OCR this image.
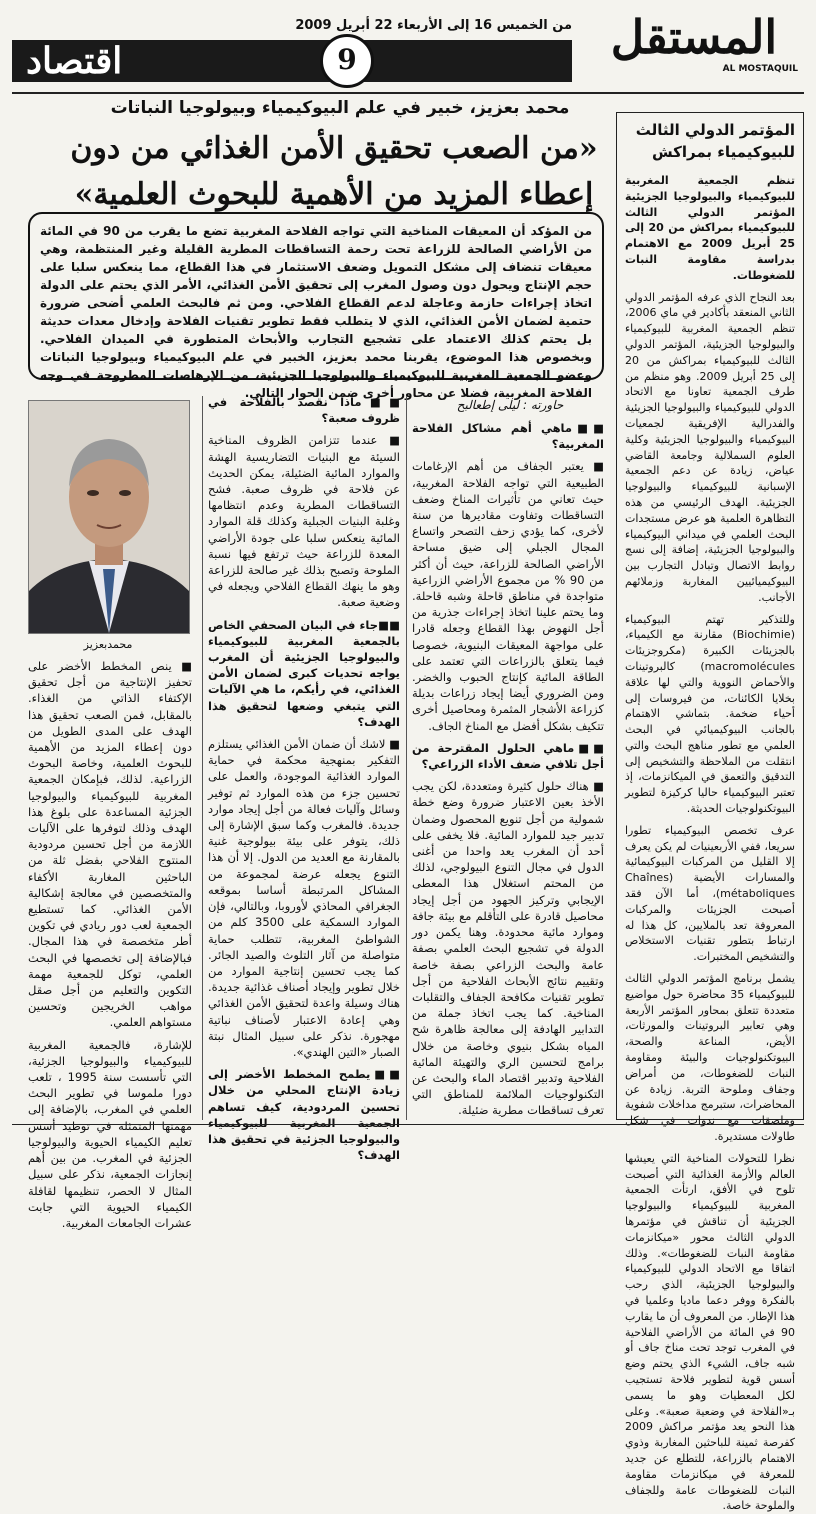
اقتصاد
من الخميس 16 إلى الأربعاء 22 أبريل 2009 المستقل
AL MOSTAQUIL
9
محمد بعزيز، خبير في علم البيوكيمياء وبيولوجيا النباتات
«من الصعب تحقيق الأمن الغذائي من دون
إعطاء المزيد من الأهمية للبحوث العلمية»
من المؤكد أن المعيقات المناخية التي تواجه الفلاحة المغربية تضع ما يقرب من 90 في المائة من الأراضي الصالحة للزراعة تحت رحمة التساقطات المطرية القليلة وغير المنتظمة، وهي معيقات تنضاف إلى مشكل التمويل وضعف الاستثمار في هذا القطاع، مما ينعكس سلبا على حجم الإنتاج ويحول دون وصول المغرب إلى تحقيق الأمن الغذائي، الأمر الذي يحتم على الدولة اتخاذ إجراءات حازمة وعاجلة لدعم القطاع الفلاحي. ومن ثم فالبحث العلمي أضحى ضرورة حتمية لضمان الأمن الغذائي، الذي لا يتطلب فقط تطوير تقنيات الفلاحة وإدخال معدات حديثة بل يحتم كذلك الاعتماد على تشجيع التجارب والأبحاث المتطورة في الميدان الفلاحي. وبخصوص هذا الموضوع، يقربنا محمد بعزيز، الخبير في علم البيوكيمياء وبيولوجيا النباتات وعضو الجمعية المغربية للبيوكيمياء والبيولوجيا الجزيئية، من الإرهاصات المطروحة في وجه الفلاحة المغربية، فضلا عن محاور أخرى ضمن الحوار التالي.
المؤتمر الدولي الثالث للبيوكيمياء بمراكش

تنظم الجمعية المغربية للبيوكيمياء والبيولوجيا الجزيئية المؤتمر الدولي الثالث للبيوكيمياء بمراكش من 20 إلى 25 أبريل 2009 مع الاهتمام بدراسة مقاومة النبات للضغوطات.

بعد النجاح الذي عرفه المؤتمر الدولي الثاني المنعقد بأكادير في ماي 2006، تنظم الجمعية المغربية للبيوكيمياء والبيولوجيا الجزيئية، المؤتمر الدولي الثالث للبيوكيمياء بمراكش من 20 إلى 25 أبريل 2009. وهو منظم من طرف الجمعية تعاونا مع الاتحاد الدولي للبيوكيمياء والبيولوجيا الجزيئية والفدرالية الإفريقية لجمعيات البيوكيمياء والبيولوجيا الجزيئية وكلية العلوم السملالية وجامعة القاضي عياض، زيادة عن دعم الجمعية الإسبانية للبيوكيمياء والبيولوجيا الجزيئية. الهدف الرئيسي من هذه التظاهرة العلمية هو عرض مستجدات البحث العلمي في ميداني البيوكيمياء والبيولوجيا الجزيئية، إضافة إلى نسج روابط الاتصال وتبادل التجارب بين البيوكيميائيين المغاربة وزملائهم الأجانب.

وللتذكير تهتم البيوكيمياء (Biochimie) مقارنة مع الكيمياء، بالجزيئات الكبيرة (مكروجزيئات macromolécules) كالبروتينات والأحماض النووية والتي لها علاقة بخلايا الكائنات، من فيروسات إلى أحياء ضخمة. بتماشي الاهتمام بالجانب البيوكيميائي في البحث العلمي مع تطور مناهج البحث والتي انتقلت من الملاحظة والتشخيص إلى التدقيق والتعمق في الميكانزمات، إذ تعتبر البيوكيمياء حاليا كركيزة لتطوير البيوتكنولوجيات الحديثة.

عرف تخصص البيوكيمياء تطورا سريعا، ففي الأربعينيات لم يكن يعرف إلا القليل من المركبات البيوكيمائية والمسارات الأيضية (Chaînes métaboliques)، أما الآن فقد أصبحت الجزيئات والمركبات المعروفة تعد بالملايين، كل هذا له ارتباط بتطور تقنيات الاستخلاص والتشخيص المختبرات.

يشمل برنامج المؤتمر الدولي الثالث للبيوكيمياء 35 محاضرة حول مواضيع متعددة تتعلق بمحاور المؤتمر الأربعة وهي تعابير البروتينات والمورثات، الأيض، المناعة والصحة، البيوتكنولوجيات والبيئة ومقاومة النبات للضغوطات، من أمراض وجفاف وملوحة التربة. زيادة عن المحاضرات، ستبرمج مداخلات شفوية وملصقات مع ندوات في شكل طاولات مستديرة.

نظرا للتحولات المناخية التي يعيشها العالم والأزمة الغذائية التي أصبحت تلوح في الأفق، ارتأت الجمعية المغربية للبيوكيمياء والبيولوجيا الجزيئية أن تناقش في مؤتمرها الدولي الثالث محور «ميكانزمات مقاومة النبات للضغوطات». وذلك اتفاقا مع الاتحاد الدولي للبيوكيمياء والبيولوجيا الجزيئية، الذي رحب بالفكرة ووفر دعما ماديا وعلميا في هذا الإطار. من المعروف أن ما يقارب 90 في المائة من الأراضي الفلاحية في المغرب توجد تحت مناخ جاف أو شبه جاف، الشيء الذي يحتم وضع أسس قوية لتطوير فلاحة تستجيب لكل المعطيات وهو ما يسمى بـ«الفلاحة في وضعية صعبة». وعلى هذا النحو يعد مؤتمر مراكش 2009 كفرصة ثمينة للباحثين المغاربة وذوي الاهتمام بالزراعة، للتطلع عن جديد للمعرفة في ميكانزمات مقاومة النبات للضغوطات عامة وللجفاف والملوحة خاصة.

حاورته : ليلى إطعالبح

■■ماهي أهم مشاكل الفلاحة المغربية؟

■ يعتبر الجفاف من أهم الإرغامات الطبيعية التي تواجه الفلاحة المغربية، حيث تعاني من تأثيرات المناخ وضعف التساقطات وتفاوت مقاديرها من سنة لأخرى، كما يؤدي زحف التصحر واتساع المجال الجبلي إلى ضيق مساحة الأراضي الصالحة للزراعة، حيث أن أكثر من 90 % من مجموع الأراضي الزراعية متواجدة في مناطق قاحلة وشبه قاحلة. وما يحتم علينا اتخاذ إجراءات جذرية من أجل النهوض بهذا القطاع وجعله قادرا على مواجهة المعيقات البنيوية، خصوصا فيما يتعلق بالزراعات التي تعتمد على الطاقة المائية كإنتاج الحبوب والخضر. ومن الضروري أيضا إيجاد زراعات بديلة كزراعة الأشجار المثمرة ومحاصيل أخرى تتكيف بشكل أفضل مع المناخ الجاف.

■■ماهي الحلول المقترحة من أجل تلافي ضعف الأداء الزراعي؟

■ هناك حلول كثيرة ومتعددة، لكن يجب الأخذ بعين الاعتبار ضرورة وضع خطة شمولية من أجل تنويع المحصول وضمان تدبير جيد للموارد المائية. فلا يخفى على أحد أن المغرب يعد واحدا من أغنى الدول في مجال التنوع البيولوجي، لذلك من المحتم استغلال هذا المعطى الإيجابي وتركيز الجهود من أجل إيجاد محاصيل قادرة على التأقلم مع بيئة جافة وموارد مائية محدودة. وهنا يكمن دور الدولة في تشجيع البحث العلمي بصفة عامة والبحث الزراعي بصفة خاصة وتقييم نتائج الأبحاث الفلاحية من أجل تطوير تقنيات مكافحة الجفاف والتقلبات المناخية. كما يجب اتخاذ جملة من التدابير الهادفة إلى معالجة ظاهرة شح المياه بشكل بنيوي وخاصة من خلال برامج لتحسين الري والتهيئة المائية الفلاحية وتدبير اقتصاد الماء والبحث عن التكنولوجيات الملائمة للمناطق التي تعرف تساقطات مطرية ضئيلة.

■■ماذا نقصد بالفلاحة في ظروف صعبة؟

■ عندما تتزامن الظروف المناخية السيئة مع البنيات التضاريسية الهشة والموارد المائية الضئيلة، يمكن الحديث عن فلاحة في ظروف صعبة. فشح التساقطات المطرية وعدم انتظامها وغلبة البنيات الجبلية وكذلك قلة الموارد المائية ينعكس سلبا على جودة الأراضي المعدة للزراعة حيث ترتفع فيها نسبة الملوحة وتصبح بذلك غير صالحة للزراعة وهو ما ينهك القطاع الفلاحي ويجعله في وضعية صعبة.

■■جاء في البيان الصحفي الخاص بالجمعية المغربية للبيوكيمياء والبيولوجيا الجزيئية أن المغرب يواجه تحديات كبرى لضمان الأمن الغذائي، في رأيكم، ما هي الآليات التي يتبغي وضعها لتحقيق هذا الهدف؟

■ لاشك أن ضمان الأمن الغذائي يستلزم التفكير بمنهجية محكمة في حماية الموارد الغذائية الموجودة، والعمل على تحسين جزء من هذه الموارد ثم توفير وسائل وآليات فعالة من أجل إيجاد موارد جديدة. فالمغرب وكما سبق الإشارة إلى ذلك، يتوفر على بيئة بيولوجية غنية بالمقارنة مع العديد من الدول. إلا أن هذا التنوع يجعله عرضة لمجموعة من المشاكل المرتبطة أساسا بموقعه الجغرافي المحاذي لأوروبا، وبالتالي، فإن الموارد السمكية على 3500 كلم من الشواطئ المغربية، تتطلب حماية متواصلة من آثار التلوث والصيد الجائر. كما يجب تحسين إنتاجية الموارد من خلال تطوير وإيجاد أصناف غذائية جديدة. هناك وسيلة واعدة لتحقيق الأمن الغذائي وهي إعادة الاعتبار لأصناف نباتية مهجورة. نذكر على سبيل المثال نبتة الصبار «التين الهندي».

■■يطمح المخطط الأخضر إلى زيادة الإنتاج المحلي من خلال تحسين المردودية، كيف تساهم الجمعية المغربية للبيوكيمياء والبيولوجيا الجزئية في تحقيق هذا الهدف؟

محمدبعزيز

■ ينص المخطط الأخضر على تحفيز الإنتاجية من أجل تحقيق الإكتفاء الذاتي من الغذاء. بالمقابل، فمن الصعب تحقيق هذا الهدف على المدى الطويل من دون إعطاء المزيد من الأهمية للبحوث العلمية، وخاصة البحوث الزراعية. لذلك، فبإمكان الجمعية المغربية للبيوكيمياء والبيولوجيا الجزئية المساعدة على بلوغ هذا الهدف وذلك لتوفرها على الآليات اللازمة من أجل تحسين مردودية المنتوج الفلاحي بفضل ثلة من الباحثين المغاربة الأكفاء والمتخصصين في معالجة إشكالية الأمن الغذائي. كما تستطيع الجمعية لعب دور ريادي في تكوين أطر متخصصة في هذا المجال. فبالإضافة إلى تخصصها في البحث العلمي، توكل للجمعية مهمة التكوين والتعليم من أجل صقل مواهب الخريجين وتحسين مستواهم العلمي.

للإشارة، فالجمعية المغربية للبيوكيمياء والبيولوجيا الجزئية، التي تأسست سنة 1995 ، تلعب دورا ملموسا في تطوير البحث العلمي في المغرب، بالإضافة إلى مهمتها المتمثلة في توطيد أسس تعليم الكيمياء الحيوية والبيولوجيا الجزئية في المغرب. من بين أهم إنجازات الجمعية، نذكر على سبيل المثال لا الحصر، تنظيمها لقافلة الكيمياء الحيوية التي جابت عشرات الجامعات المغربية.
